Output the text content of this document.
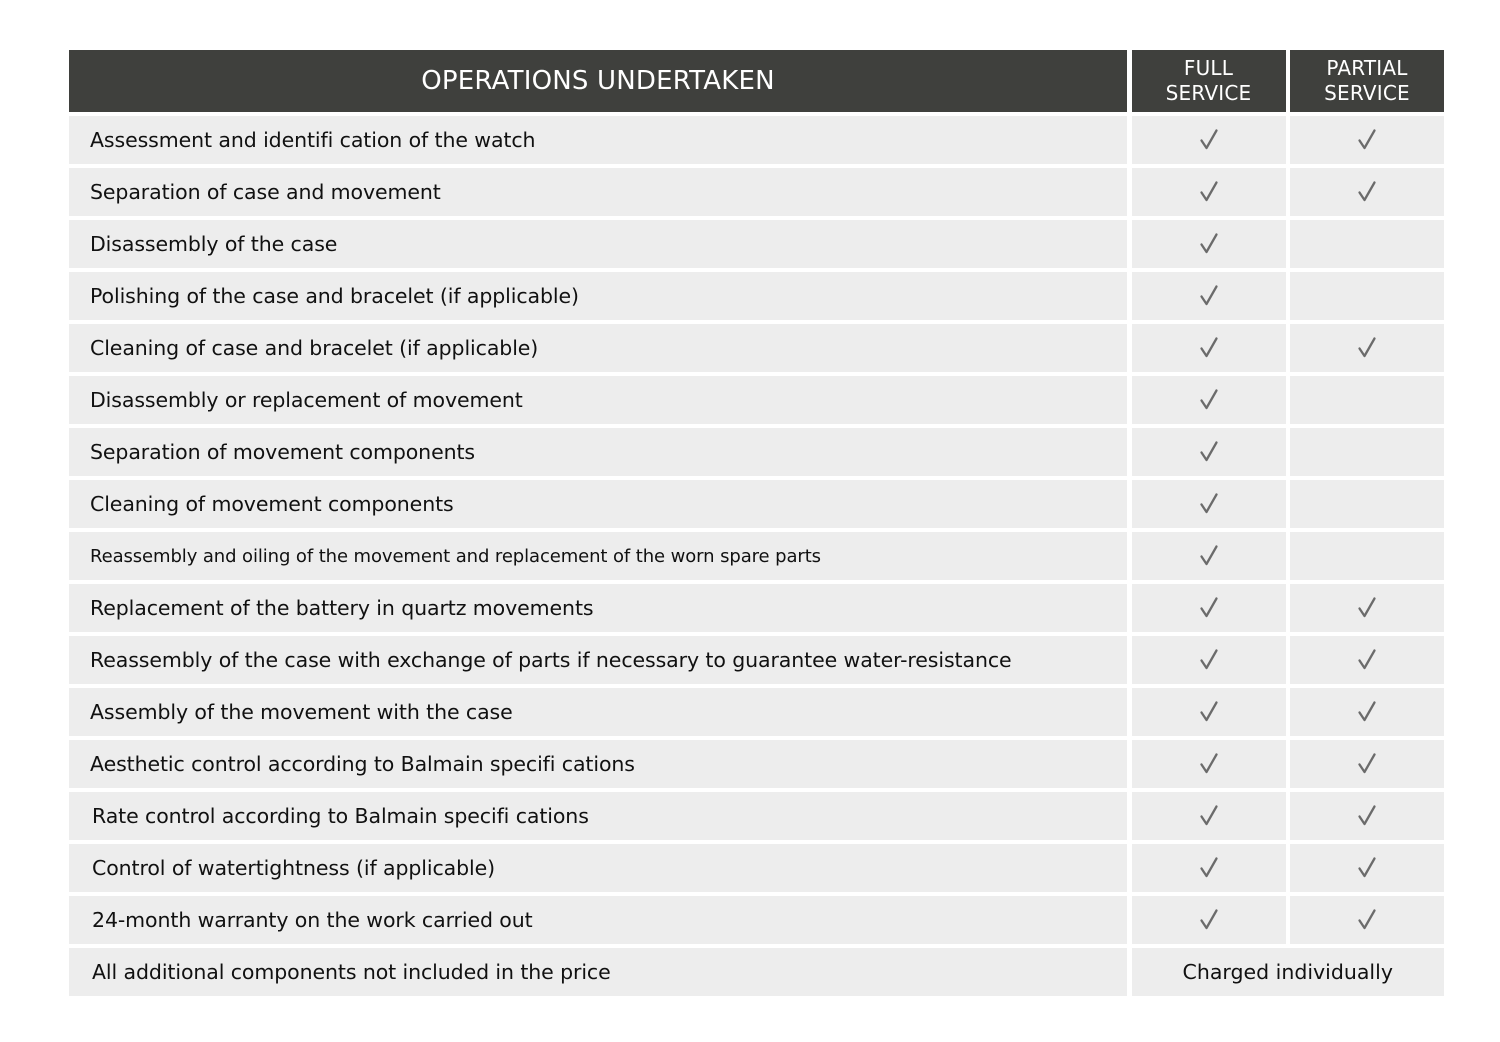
OPERATIONS UNDERTAKEN	FULL
SERVICE
PARTIAL
SERVICE
Assessment and identifi cation of the watch
Separation of case and movement
Disassembly of the case
Polishing of the case and bracelet (if applicable)
Cleaning of case and bracelet (if applicable)
Disassembly or replacement of movement
Separation of movement components
Cleaning of movement components
Reassembly and oiling of the movement and replacement of the worn spare parts
Replacement of the battery in quartz movements
Reassembly of the case with exchange of parts if necessary to guarantee water-resistance
Assembly of the movement with the case
Aesthetic control according to Balmain specifi cations
Rate control according to Balmain specifi cations
Control of watertightness (if applicable)
24-month warranty on the work carried out
All additional components not included in the price	Charged individually
